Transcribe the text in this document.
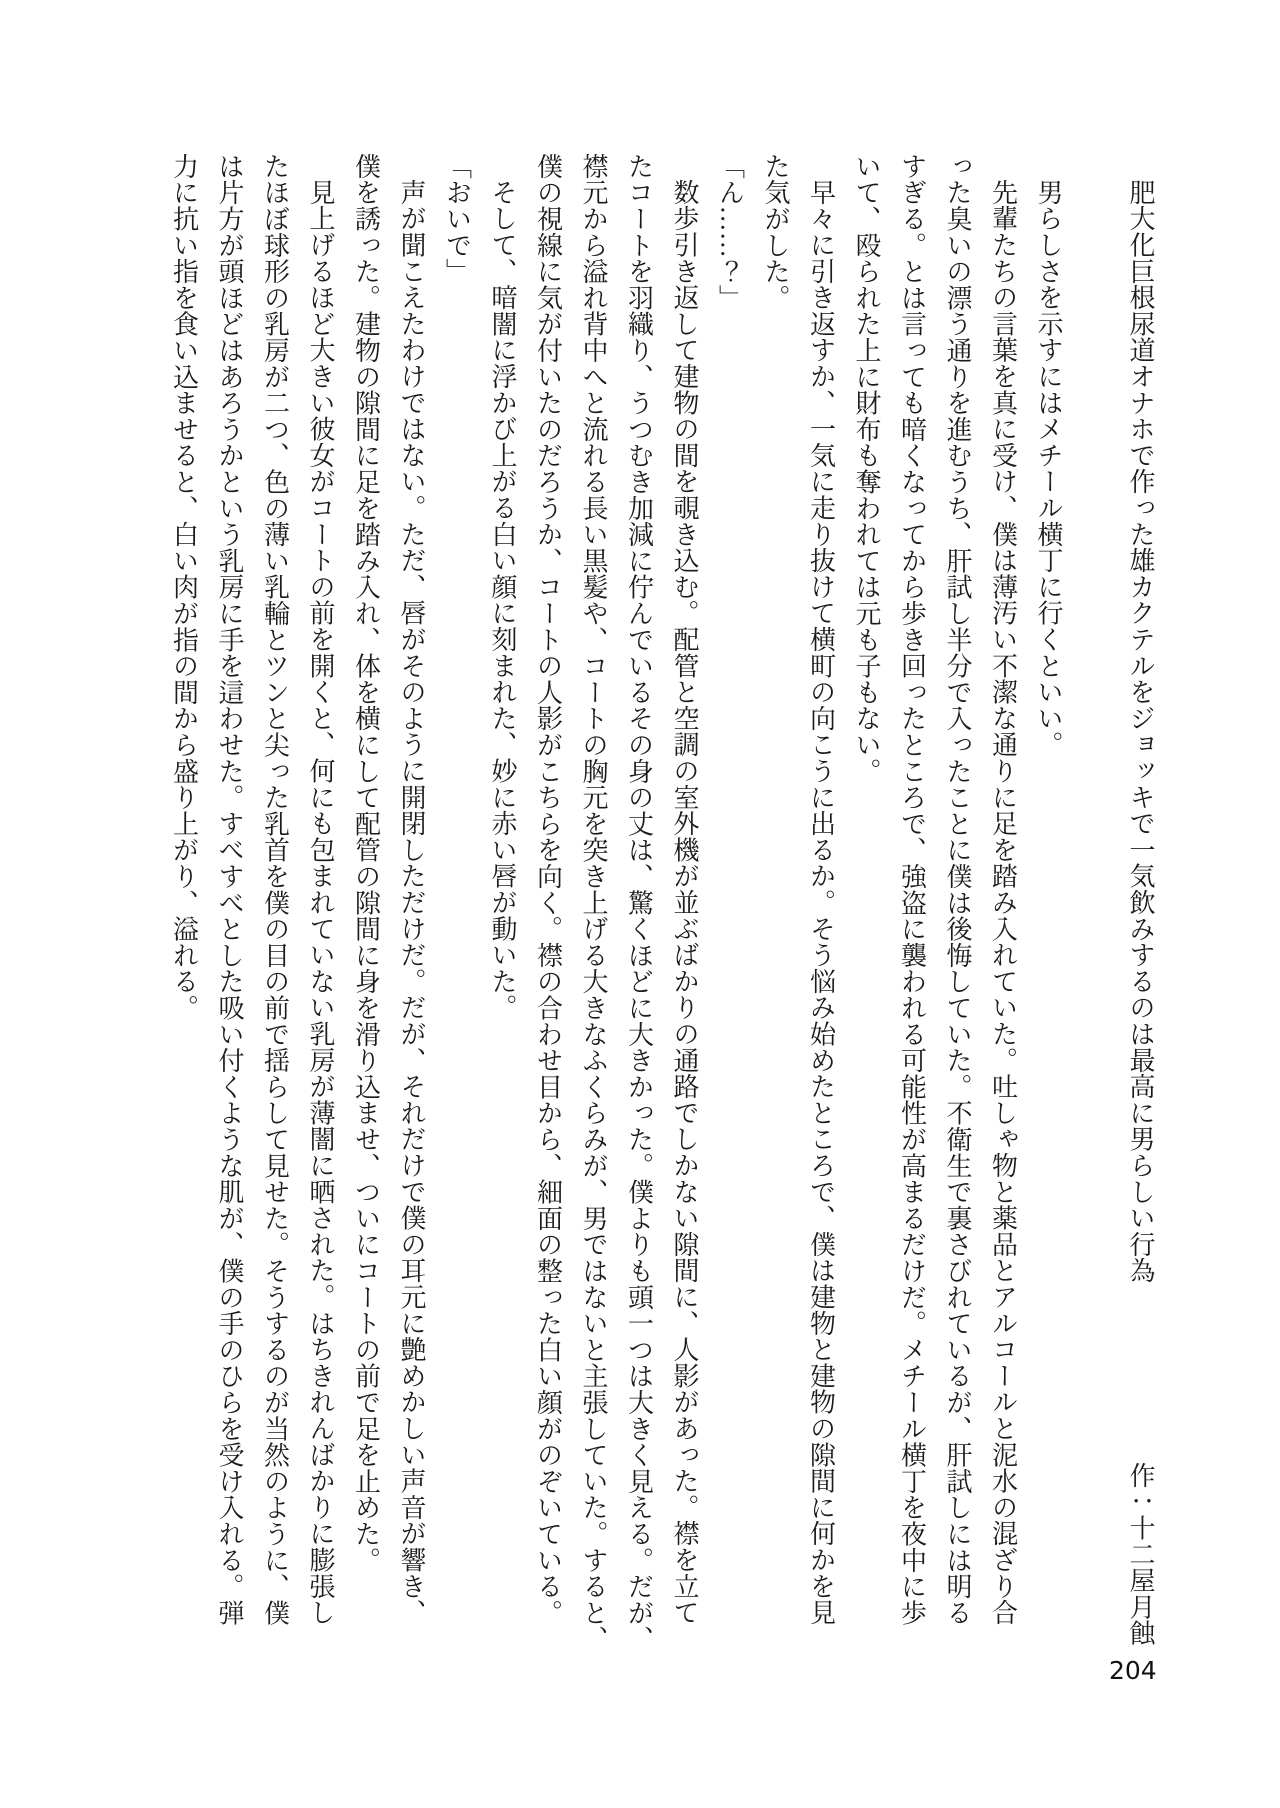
肥大化巨根尿道オナホで作った雄カクテルをジョッキで一気飲みするのは最高に男らしい行為
作：十二屋月蝕
204
男らしさを示すにはメチール横丁に行くといい。
先輩たちの言葉を真に受け、僕は薄汚い不潔な通りに足を踏み入れていた。吐しゃ物と薬品とアルコールと泥水の混ざり合
った臭いの漂う通りを進むうち、肝試し半分で入ったことに僕は後悔していた。不衛生で裏さびれているが、肝試しには明る
すぎる。とは言っても暗くなってから歩き回ったところで、強盗に襲われる可能性が高まるだけだ。メチール横丁を夜中に歩
いて、殴られた上に財布も奪われては元も子もない。
早々に引き返すか、一気に走り抜けて横町の向こうに出るか。そう悩み始めたところで、僕は建物と建物の隙間に何かを見
た気がした。
「ん……？」
数歩引き返して建物の間を覗き込む。配管と空調の室外機が並ぶばかりの通路でしかない隙間に、人影があった。襟を立て
たコートを羽織り、うつむき加減に佇んでいるその身の丈は、驚くほどに大きかった。僕よりも頭一つは大きく見える。だが、
襟元から溢れ背中へと流れる長い黒髪や、コートの胸元を突き上げる大きなふくらみが、男ではないと主張していた。すると、
僕の視線に気が付いたのだろうか、コートの人影がこちらを向く。襟の合わせ目から、細面の整った白い顔がのぞいている。
そして、暗闇に浮かび上がる白い顔に刻まれた、妙に赤い唇が動いた。
「おいで」
声が聞こえたわけではない。ただ、唇がそのように開閉しただけだ。だが、それだけで僕の耳元に艶めかしい声音が響き、
僕を誘った。建物の隙間に足を踏み入れ、体を横にして配管の隙間に身を滑り込ませ、ついにコートの前で足を止めた。
見上げるほど大きい彼女がコートの前を開くと、何にも包まれていない乳房が薄闇に晒された。はちきれんばかりに膨張し
たほぼ球形の乳房が二つ、色の薄い乳輪とツンと尖った乳首を僕の目の前で揺らして見せた。そうするのが当然のように、僕
は片方が頭ほどはあろうかという乳房に手を這わせた。すべすべとした吸い付くような肌が、僕の手のひらを受け入れる。弾
力に抗い指を食い込ませると、白い肉が指の間から盛り上がり、溢れる。
